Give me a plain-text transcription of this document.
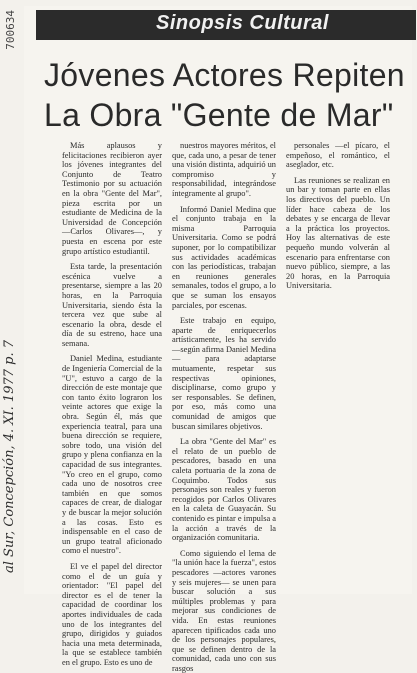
700634
al Sur, Concepción, 4. XI. 1977 p. 7
Sinopsis Cultural
Jóvenes Actores Repiten
La Obra "Gente de Mar"

Más aplausos y felicitaciones recibieron ayer los jóvenes integrantes del Conjunto de Teatro Testimonio por su actuación en la obra "Gente del Mar", pieza escrita por un estudiante de Medicina de la Universidad de Concepción —Carlos Olivares—, y puesta en escena por este grupo artístico estudiantil.

Esta tarde, la presentación escénica vuelve a presentarse, siempre a las 20 horas, en la Parroquia Universitaria, siendo ésta la tercera vez que sube al escenario la obra, desde el día de su estreno, hace una semana.

Daniel Medina, estudiante de Ingeniería Comercial de la "U", estuvo a cargo de la dirección de este montaje que con tanto éxito lograron los veinte actores que exige la obra. Según él, más que experiencia teatral, para una buena dirección se requiere, sobre todo, una visión del grupo y plena confianza en la capacidad de sus integrantes. "Yo creo en el grupo, como cada uno de nosotros cree también en que somos capaces de crear, de dialogar y de buscar la mejor solución a las cosas. Esto es indispensable en el caso de un grupo teatral aficionado como el nuestro".

El ve el papel del director como el de un guía y orientador: "El papel del director es el de tener la capacidad de coordinar los aportes individuales de cada uno de los integrantes del grupo, dirigidos y guiados hacia una meta determinada, la que se establece también en el grupo. Esto es uno de

nuestros mayores méritos, el que, cada uno, a pesar de tener una visión distinta, adquirió un compromiso y responsabilidad, integrándose íntegramente al grupo".

Informó Daniel Medina que el conjunto trabaja en la misma Parroquia Universitaria. Como se podrá suponer, por lo compatibilizar sus actividades académicas con las periodísticas, trabajan en reuniones generales semanales, todos el grupo, a lo que se suman los ensayos parciales, por escenas.

Este trabajo en equipo, aparte de enriquecerlos artísticamente, les ha servido —según afirma Daniel Medina— para adaptarse mutuamente, respetar sus respectivas opiniones, disciplinarse, como grupo y ser responsables. Se definen, por eso, más como una comunidad de amigos que buscan similares objetivos.

La obra "Gente del Mar" es el relato de un pueblo de pescadores, basado en una caleta portuaria de la zona de Coquimbo. Todos sus personajes son reales y fueron recogidos por Carlos Olivares en la caleta de Guayacán. Su contenido es pintar e impulsa a la acción a través de la organización comunitaria.

Como siguiendo el lema de "la unión hace la fuerza", estos pescadores —actores varones y seis mujeres— se unen para buscar solución a sus múltiples problemas y para mejorar sus condiciones de vida. En estas reuniones aparecen tipificados cada uno de los personajes populares, que se definen dentro de la comunidad, cada uno con sus rasgos

personales —el pícaro, el empeñoso, el romántico, el aseglador, etc.

Las reuniones se realizan en un bar y toman parte en ellas los directivos del pueblo. Un líder hace cabeza de los debates y se encarga de llevar a la práctica los proyectos. Hoy las alternativas de este pequeño mundo volverán al escenario para enfrentarse con nuevo público, siempre, a las 20 horas, en la Parroquia Universitaria.
